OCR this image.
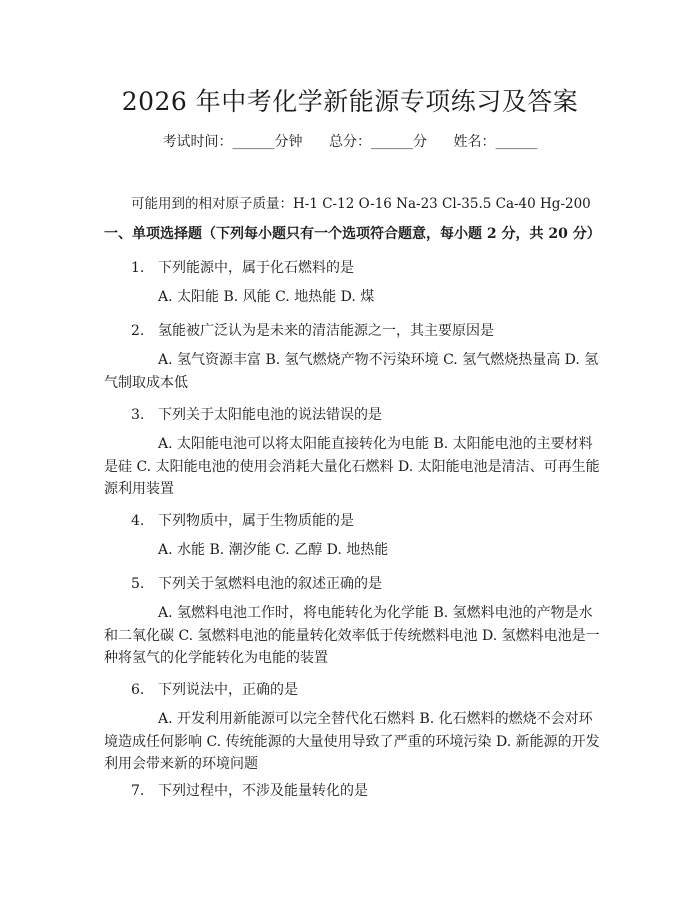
2026 年中考化学新能源专项练习及答案
考试时间：______分钟 总分：______分 姓名：______
可能用到的相对原子质量：H-1 C-12 O-16 Na-23 Cl-35.5 Ca-40 Hg-200
一、单项选择题（下列每小题只有一个选项符合题意，每小题 2 分，共 20 分）
1. 下列能源中，属于化石燃料的是
A. 太阳能 B. 风能 C. 地热能 D. 煤
2. 氢能被广泛认为是未来的清洁能源之一，其主要原因是
A. 氢气资源丰富 B. 氢气燃烧产物不污染环境 C. 氢气燃烧热量高 D. 氢气制取成本低
3. 下列关于太阳能电池的说法错误的是
A. 太阳能电池可以将太阳能直接转化为电能 B. 太阳能电池的主要材料是硅 C. 太阳能电池的使用会消耗大量化石燃料 D. 太阳能电池是清洁、可再生能源利用装置
4. 下列物质中，属于生物质能的是
A. 水能 B. 潮汐能 C. 乙醇 D. 地热能
5. 下列关于氢燃料电池的叙述正确的是
A. 氢燃料电池工作时，将电能转化为化学能 B. 氢燃料电池的产物是水和二氧化碳 C. 氢燃料电池的能量转化效率低于传统燃料电池 D. 氢燃料电池是一种将氢气的化学能转化为电能的装置
6. 下列说法中，正确的是
A. 开发利用新能源可以完全替代化石燃料 B. 化石燃料的燃烧不会对环境造成任何影响 C. 传统能源的大量使用导致了严重的环境污染 D. 新能源的开发利用会带来新的环境问题
7. 下列过程中，不涉及能量转化的是
